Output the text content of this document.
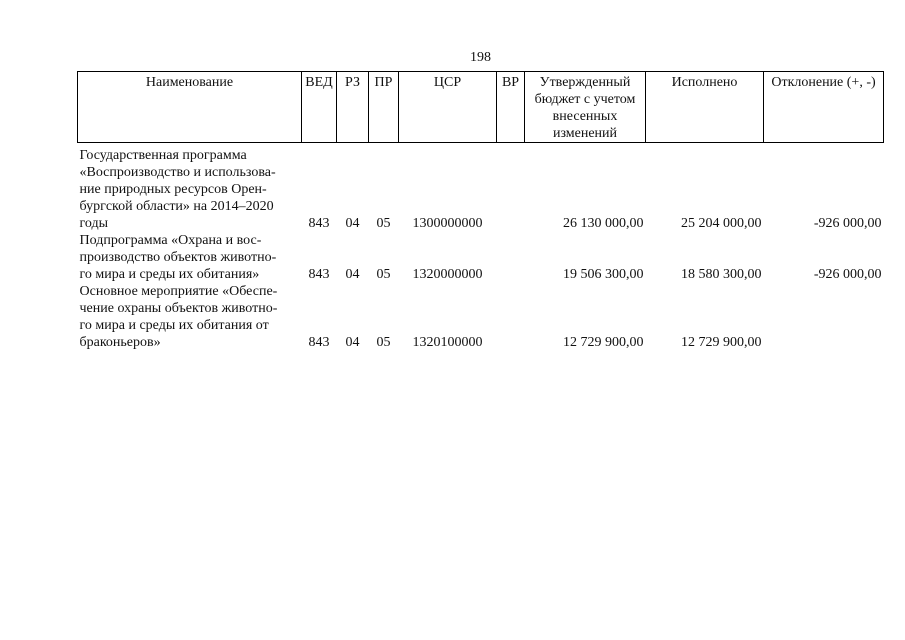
198
Наименование	ВЕД	РЗ	ПР	ЦСР	ВР	Утвержденный бюджет с учетом внесенных изменений	Исполнено	Отклонение (+, -)

Государственная программа
«Воспроизводство и использова-
ние природных ресурсов Орен-
бургской области» на 2014–2020
годы	843	04	05	1300000000		26 130 000,00	25 204 000,00	-926 000,00

Подпрограмма «Охрана и вос-
производство объектов животно-
го мира и среды их обитания»	843	04	05	1320000000		19 506 300,00	18 580 300,00	-926 000,00

Основное мероприятие «Обеспе-
чение охраны объектов животно-
го мира и среды их обитания от
браконьеров»	843	04	05	1320100000		12 729 900,00	12 729 900,00	
